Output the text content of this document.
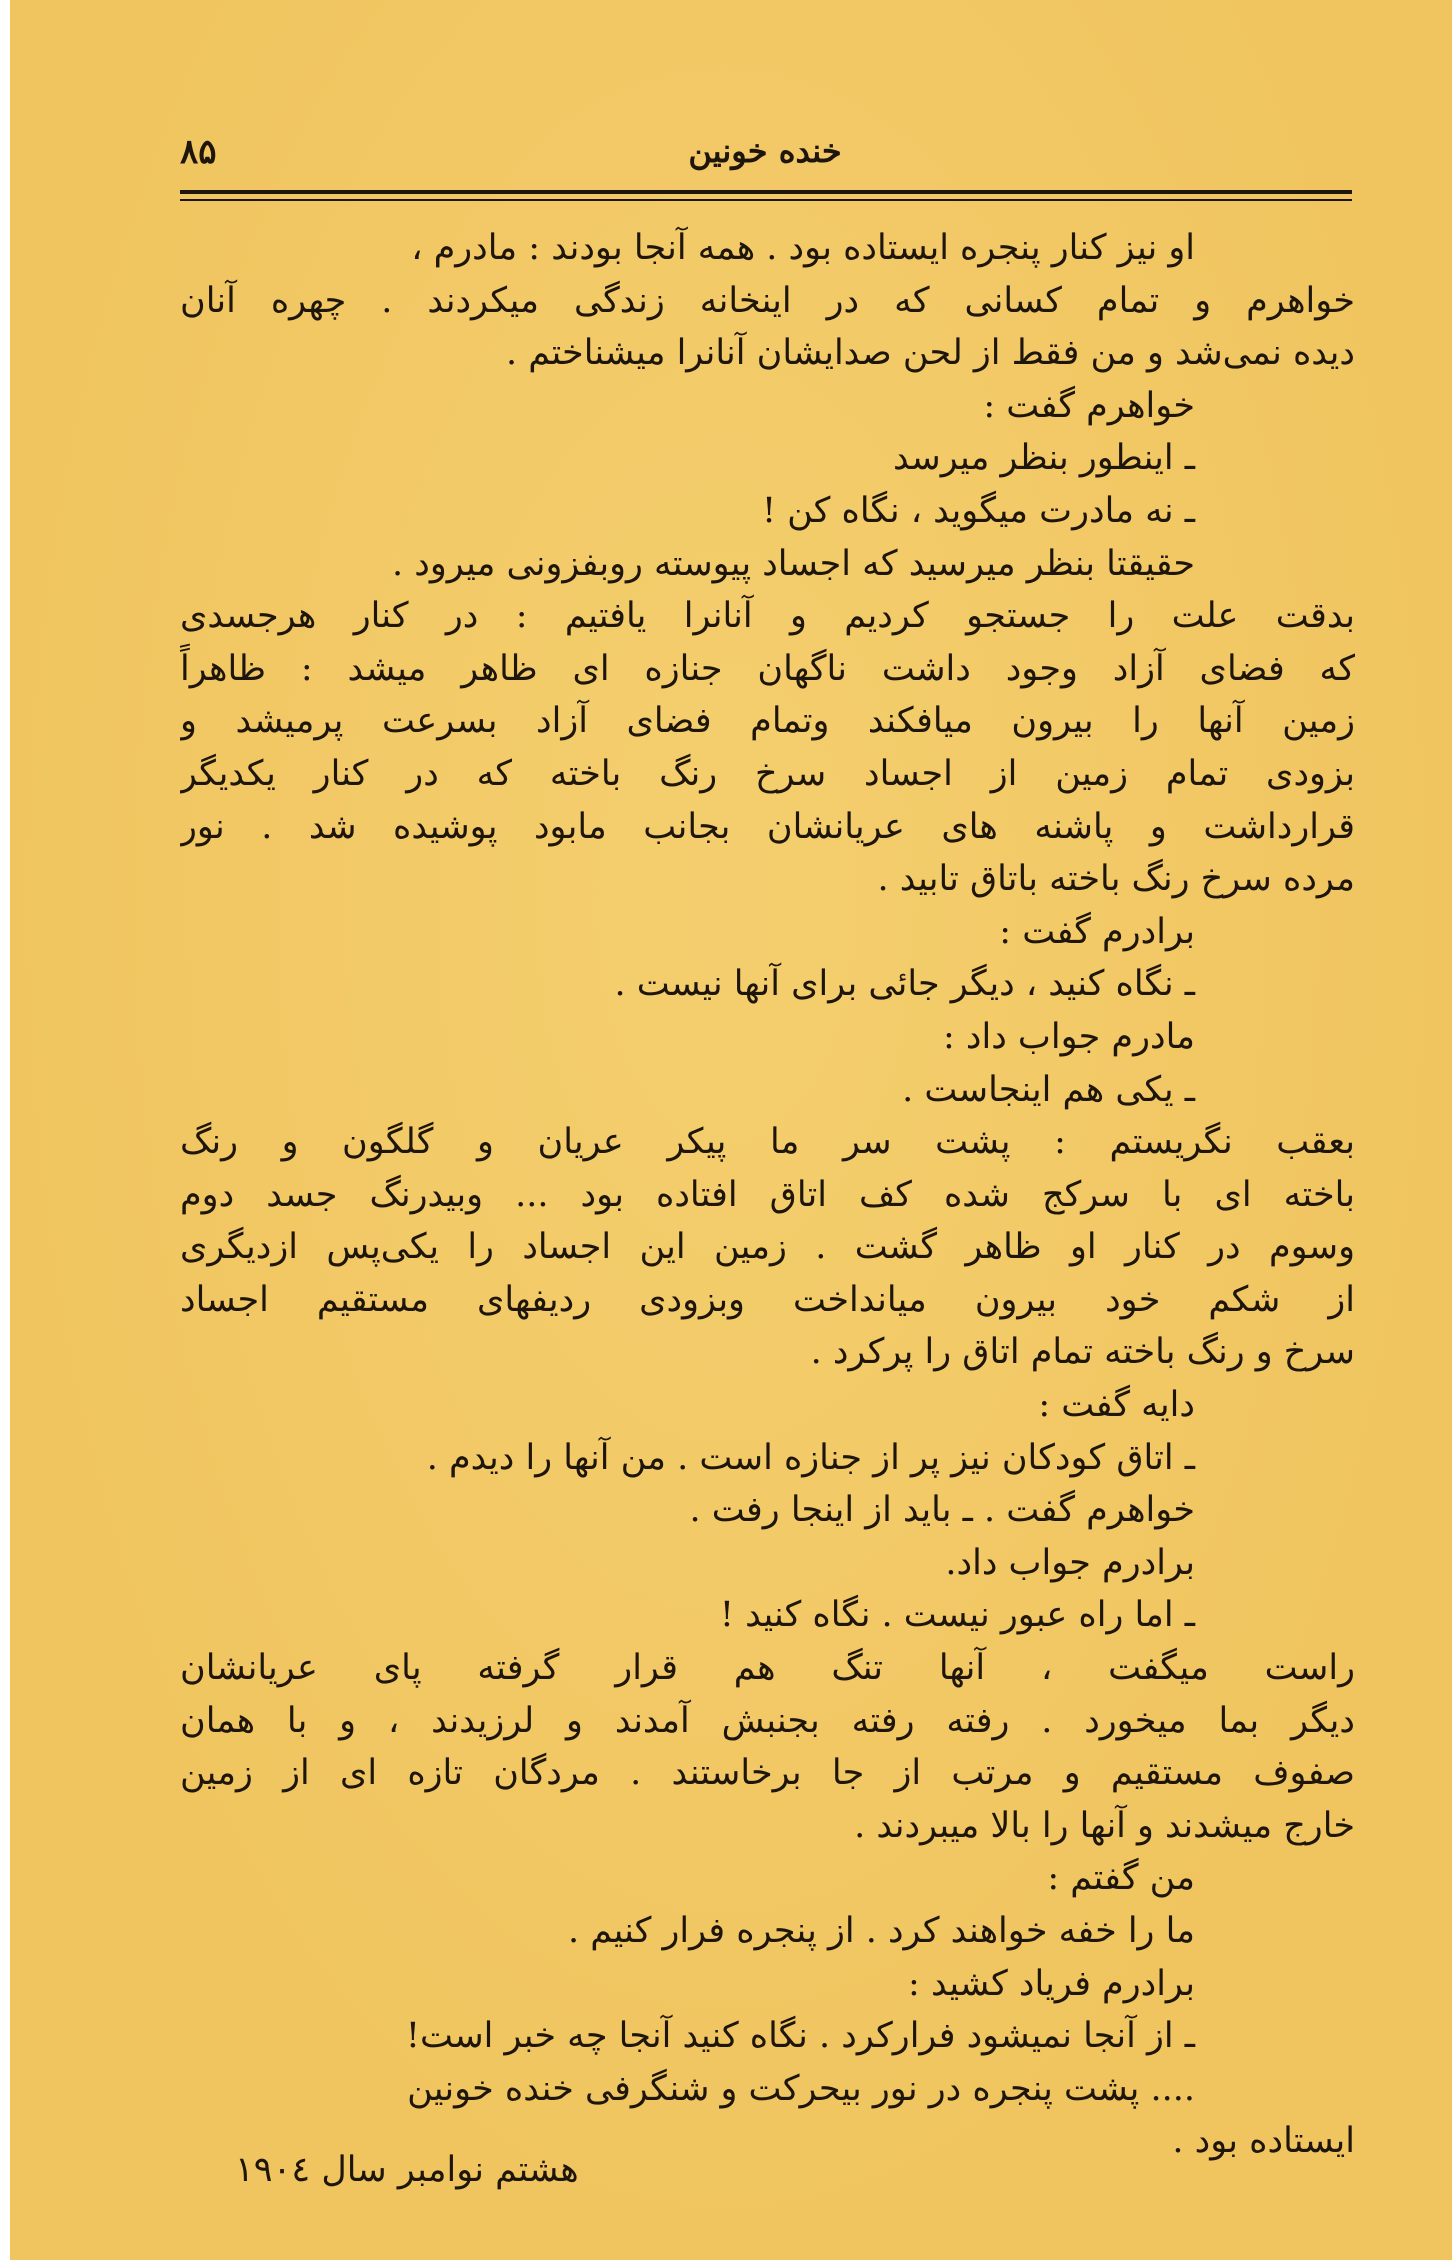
۸۵	خنده خونین
او نیز کنار پنجره ایستاده بود . همه آنجا بودند : مادرم ،
خواهرم و تمام کسانی که در اینخانه زندگی میکردند . چهره آنان
دیده نمی‌شد و من فقط از لحن صدایشان آنانرا میشناختم .
خواهرم گفت :
ـ اینطور بنظر میرسد
ـ نه مادرت میگوید ، نگاه کن !
حقیقتا بنظر میرسید که اجساد پیوسته روبفزونی میرود .
بدقت علت را جستجو کردیم و آنانرا یافتیم : در کنار هرجسدی
که فضای آزاد وجود داشت ناگهان جنازه ای ظاهر میشد : ظاهراً
زمین آنها را بیرون میافکند وتمام فضای آزاد بسرعت پرمیشد و
بزودی تمام زمین از اجساد سرخ رنگ باخته که در کنار یکدیگر
قرارداشت و پاشنه های عریانشان بجانب مابود پوشیده شد . نور
مرده سرخ رنگ باخته باتاق تابید .
برادرم گفت :
ـ نگاه کنید ، دیگر جائی برای آنها نیست .
مادرم جواب داد :
ـ یکی هم اینجاست .
بعقب نگریستم : پشت سر ما پیکر عریان و گلگون و رنگ
باخته ای با سرکج شده کف اتاق افتاده بود ... وبیدرنگ جسد دوم
وسوم در کنار او ظاهر گشت . زمین این اجساد را یکی‌پس ازدیگری
از شکم خود بیرون میانداخت وبزودی ردیفهای مستقیم اجساد
سرخ و رنگ باخته تمام اتاق را پرکرد .
دایه گفت :
ـ اتاق کودکان نیز پر از جنازه است . من آنها را دیدم .
خواهرم گفت . ـ باید از اینجا رفت .
برادرم جواب داد.
ـ اما راه عبور نیست . نگاه کنید !
راست میگفت ، آنها تنگ هم قرار گرفته پای عریانشان
دیگر بما میخورد . رفته رفته بجنبش آمدند و لرزیدند ، و با همان
صفوف مستقیم و مرتب از جا برخاستند . مردگان تازه ای از زمین
خارج میشدند و آنها را بالا میبردند .
من گفتم :
ما را خفه خواهند کرد . از پنجره فرار کنیم .
برادرم فریاد کشید :
ـ از آنجا نمیشود فرارکرد . نگاه کنید آنجا چه خبر است!
.... پشت پنجره در نور بیحرکت و شنگرفی خنده خونین
ایستاده بود .
هشتم نوامبر سال ۱۹۰٤
